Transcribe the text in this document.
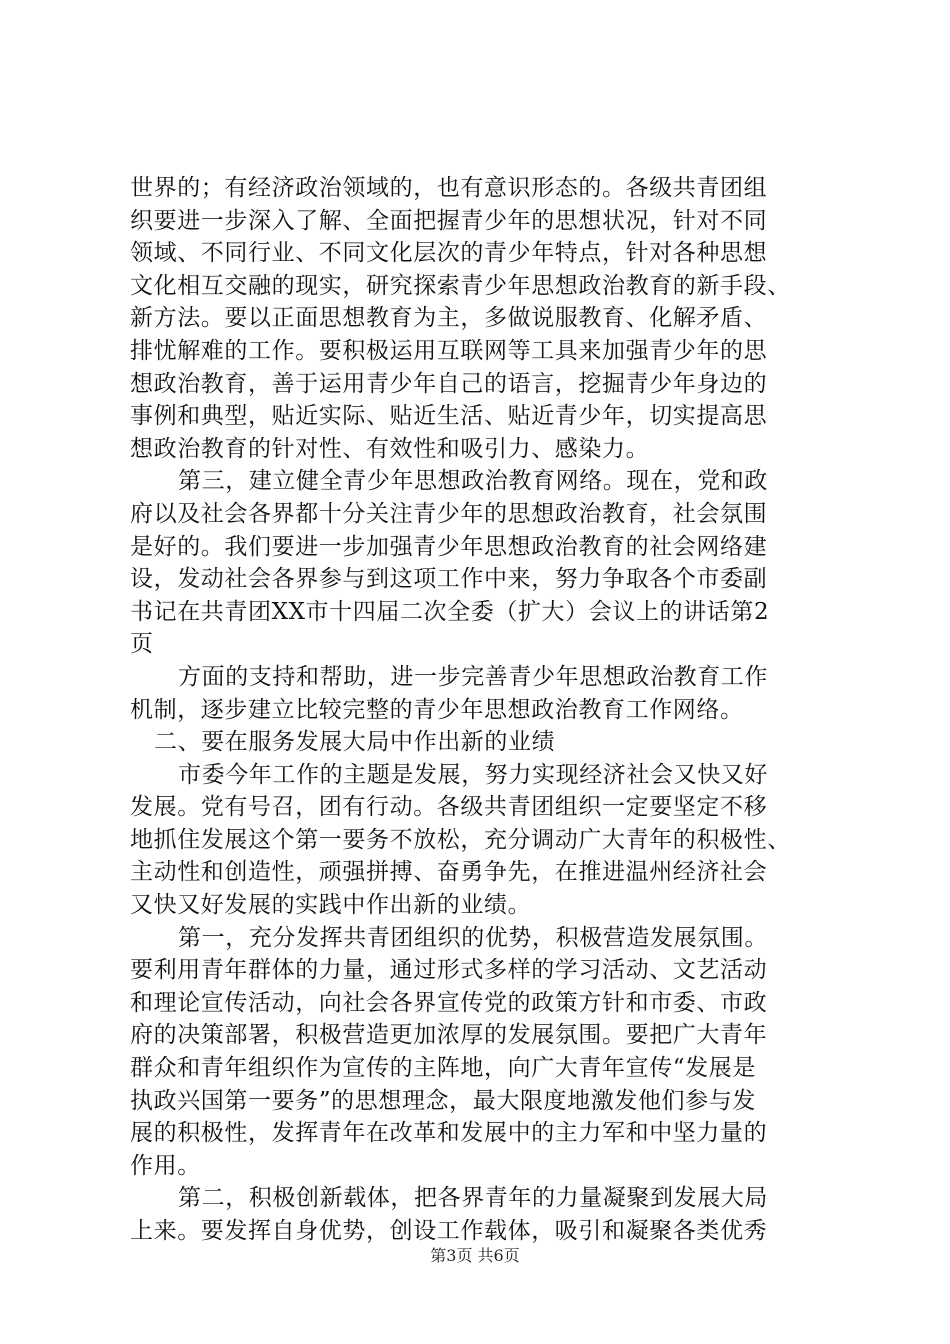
世界的；有经济政治领域的，也有意识形态的。各级共青团组
织要进一步深入了解、全面把握青少年的思想状况，针对不同
领域、不同行业、不同文化层次的青少年特点，针对各种思想
文化相互交融的现实，研究探索青少年思想政治教育的新手段、
新方法。要以正面思想教育为主，多做说服教育、化解矛盾、
排忧解难的工作。要积极运用互联网等工具来加强青少年的思
想政治教育，善于运用青少年自己的语言，挖掘青少年身边的
事例和典型，贴近实际、贴近生活、贴近青少年，切实提高思
想政治教育的针对性、有效性和吸引力、感染力。
第三，建立健全青少年思想政治教育网络。现在，党和政
府以及社会各界都十分关注青少年的思想政治教育，社会氛围
是好的。我们要进一步加强青少年思想政治教育的社会网络建
设，发动社会各界参与到这项工作中来，努力争取各个市委副
书记在共青团XX市十四届二次全委（扩大）会议上的讲话第2
页
方面的支持和帮助，进一步完善青少年思想政治教育工作
机制，逐步建立比较完整的青少年思想政治教育工作网络。
二、要在服务发展大局中作出新的业绩
市委今年工作的主题是发展，努力实现经济社会又快又好
发展。党有号召，团有行动。各级共青团组织一定要坚定不移
地抓住发展这个第一要务不放松，充分调动广大青年的积极性、
主动性和创造性，顽强拼搏、奋勇争先，在推进温州经济社会
又快又好发展的实践中作出新的业绩。
第一，充分发挥共青团组织的优势，积极营造发展氛围。
要利用青年群体的力量，通过形式多样的学习活动、文艺活动
和理论宣传活动，向社会各界宣传党的政策方针和市委、市政
府的决策部署，积极营造更加浓厚的发展氛围。要把广大青年
群众和青年组织作为宣传的主阵地，向广大青年宣传“发展是
执政兴国第一要务”的思想理念，最大限度地激发他们参与发
展的积极性，发挥青年在改革和发展中的主力军和中坚力量的
作用。
第二，积极创新载体，把各界青年的力量凝聚到发展大局
上来。要发挥自身优势，创设工作载体，吸引和凝聚各类优秀
第3页 共6页
